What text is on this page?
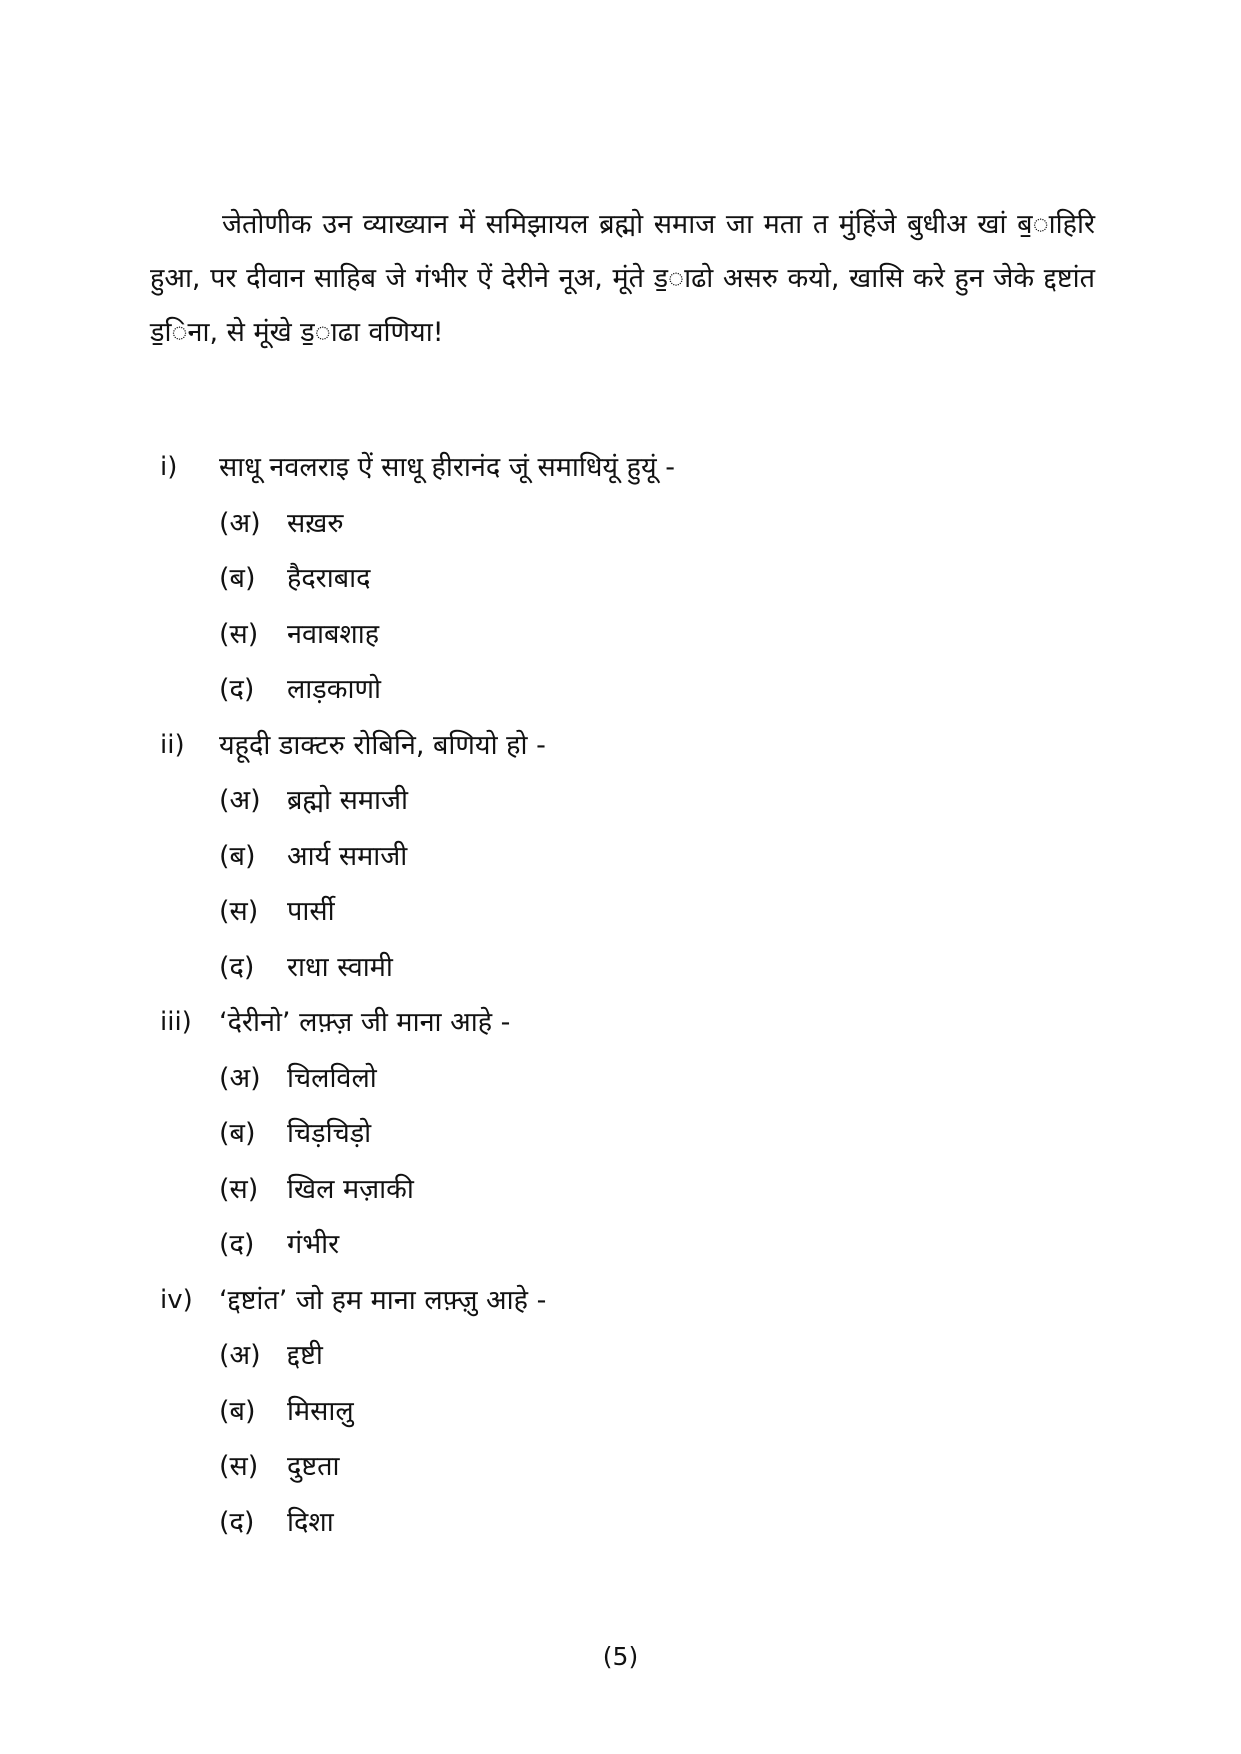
जेतोणीक उन व्याख्यान में समिझायल ब्रह्मो समाज जा मता त मुंहिंजे बुधीअ खां ब॒ाहिरि हुआ, पर दीवान साहिब जे गंभीर ऐं देरीने नूअ, मूंते ड॒ाढो असरु कयो, खासि करे हुन जेके द्दष्टांत ड॒िना, से मूंखे ड॒ाढा वणिया!

i)	साधू नवलराइ ऐं साधू हीरानंद जूं समाधियूं हुयूं -
(अ) सख़रु
(ब)	हैदराबाद
(स)	नवाबशाह
(द)	लाड़काणो
ii)	यहूदी डाक्टरु रोबिनि, बणियो हो -
(अ) ब्रह्मो समाजी
(ब)	आर्य समाजी
(स)	पार्सी
(द)	राधा स्वामी
iii)	‘देरीनो’ लफ़्ज़ जी माना आहे -
(अ) चिलविलो
(ब)	चिड़चिड़ो
(स)	खिल मज़ाकी
(द)	गंभीर
iv) ‘द्दष्टांत’ जो हम माना लफ़्ज़ु आहे -
(अ) द्दष्टी
(ब)	मिसालु
(स)	दुष्टता
(द)	दिशा
(5)
